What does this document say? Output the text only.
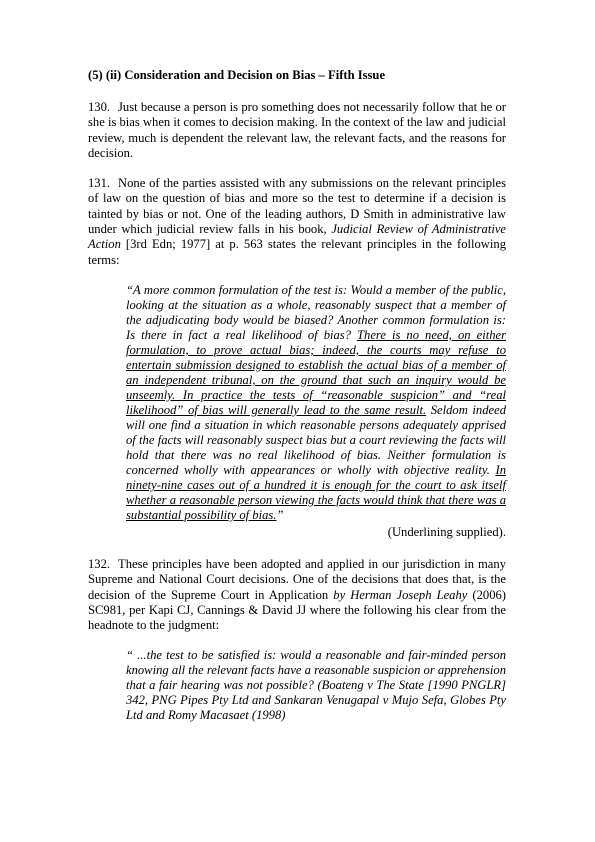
(5) (ii) Consideration and Decision on Bias – Fifth Issue

130. Just because a person is pro something does not necessarily follow that he or she is bias when it comes to decision making. In the context of the law and judicial review, much is dependent the relevant law, the relevant facts, and the reasons for decision.

131. None of the parties assisted with any submissions on the relevant principles of law on the question of bias and more so the test to determine if a decision is tainted by bias or not. One of the leading authors, D Smith in administrative law under which judicial review falls in his book, Judicial Review of Administrative Action [3rd Edn; 1977] at p. 563 states the relevant principles in the following terms:

“A more common formulation of the test is: Would a member of the public, looking at the situation as a whole, reasonably suspect that a member of the adjudicating body would be biased? Another common formulation is: Is there in fact a real likelihood of bias? There is no need, on either formulation, to prove actual bias; indeed, the courts may refuse to entertain submission designed to establish the actual bias of a member of an independent tribunal, on the ground that such an inquiry would be unseemly. In practice the tests of “reasonable suspicion” and “real likelihood” of bias will generally lead to the same result. Seldom indeed will one find a situation in which reasonable persons adequately apprised of the facts will reasonably suspect bias but a court reviewing the facts will hold that there was no real likelihood of bias. Neither formulation is concerned wholly with appearances or wholly with objective reality. In ninety-nine cases out of a hundred it is enough for the court to ask itself whether a reasonable person viewing the facts would think that there was a substantial possibility of bias.”

(Underlining supplied).

132. These principles have been adopted and applied in our jurisdiction in many Supreme and National Court decisions. One of the decisions that does that, is the decision of the Supreme Court in Application by Herman Joseph Leahy (2006) SC981, per Kapi CJ, Cannings & David JJ where the following his clear from the headnote to the judgment:

“ ...the test to be satisfied is: would a reasonable and fair-minded person knowing all the relevant facts have a reasonable suspicion or apprehension that a fair hearing was not possible? (Boateng v The State [1990 PNGLR] 342, PNG Pipes Pty Ltd and Sankaran Venugapal v Mujo Sefa, Globes Pty Ltd and Romy Macasaet (1998)
